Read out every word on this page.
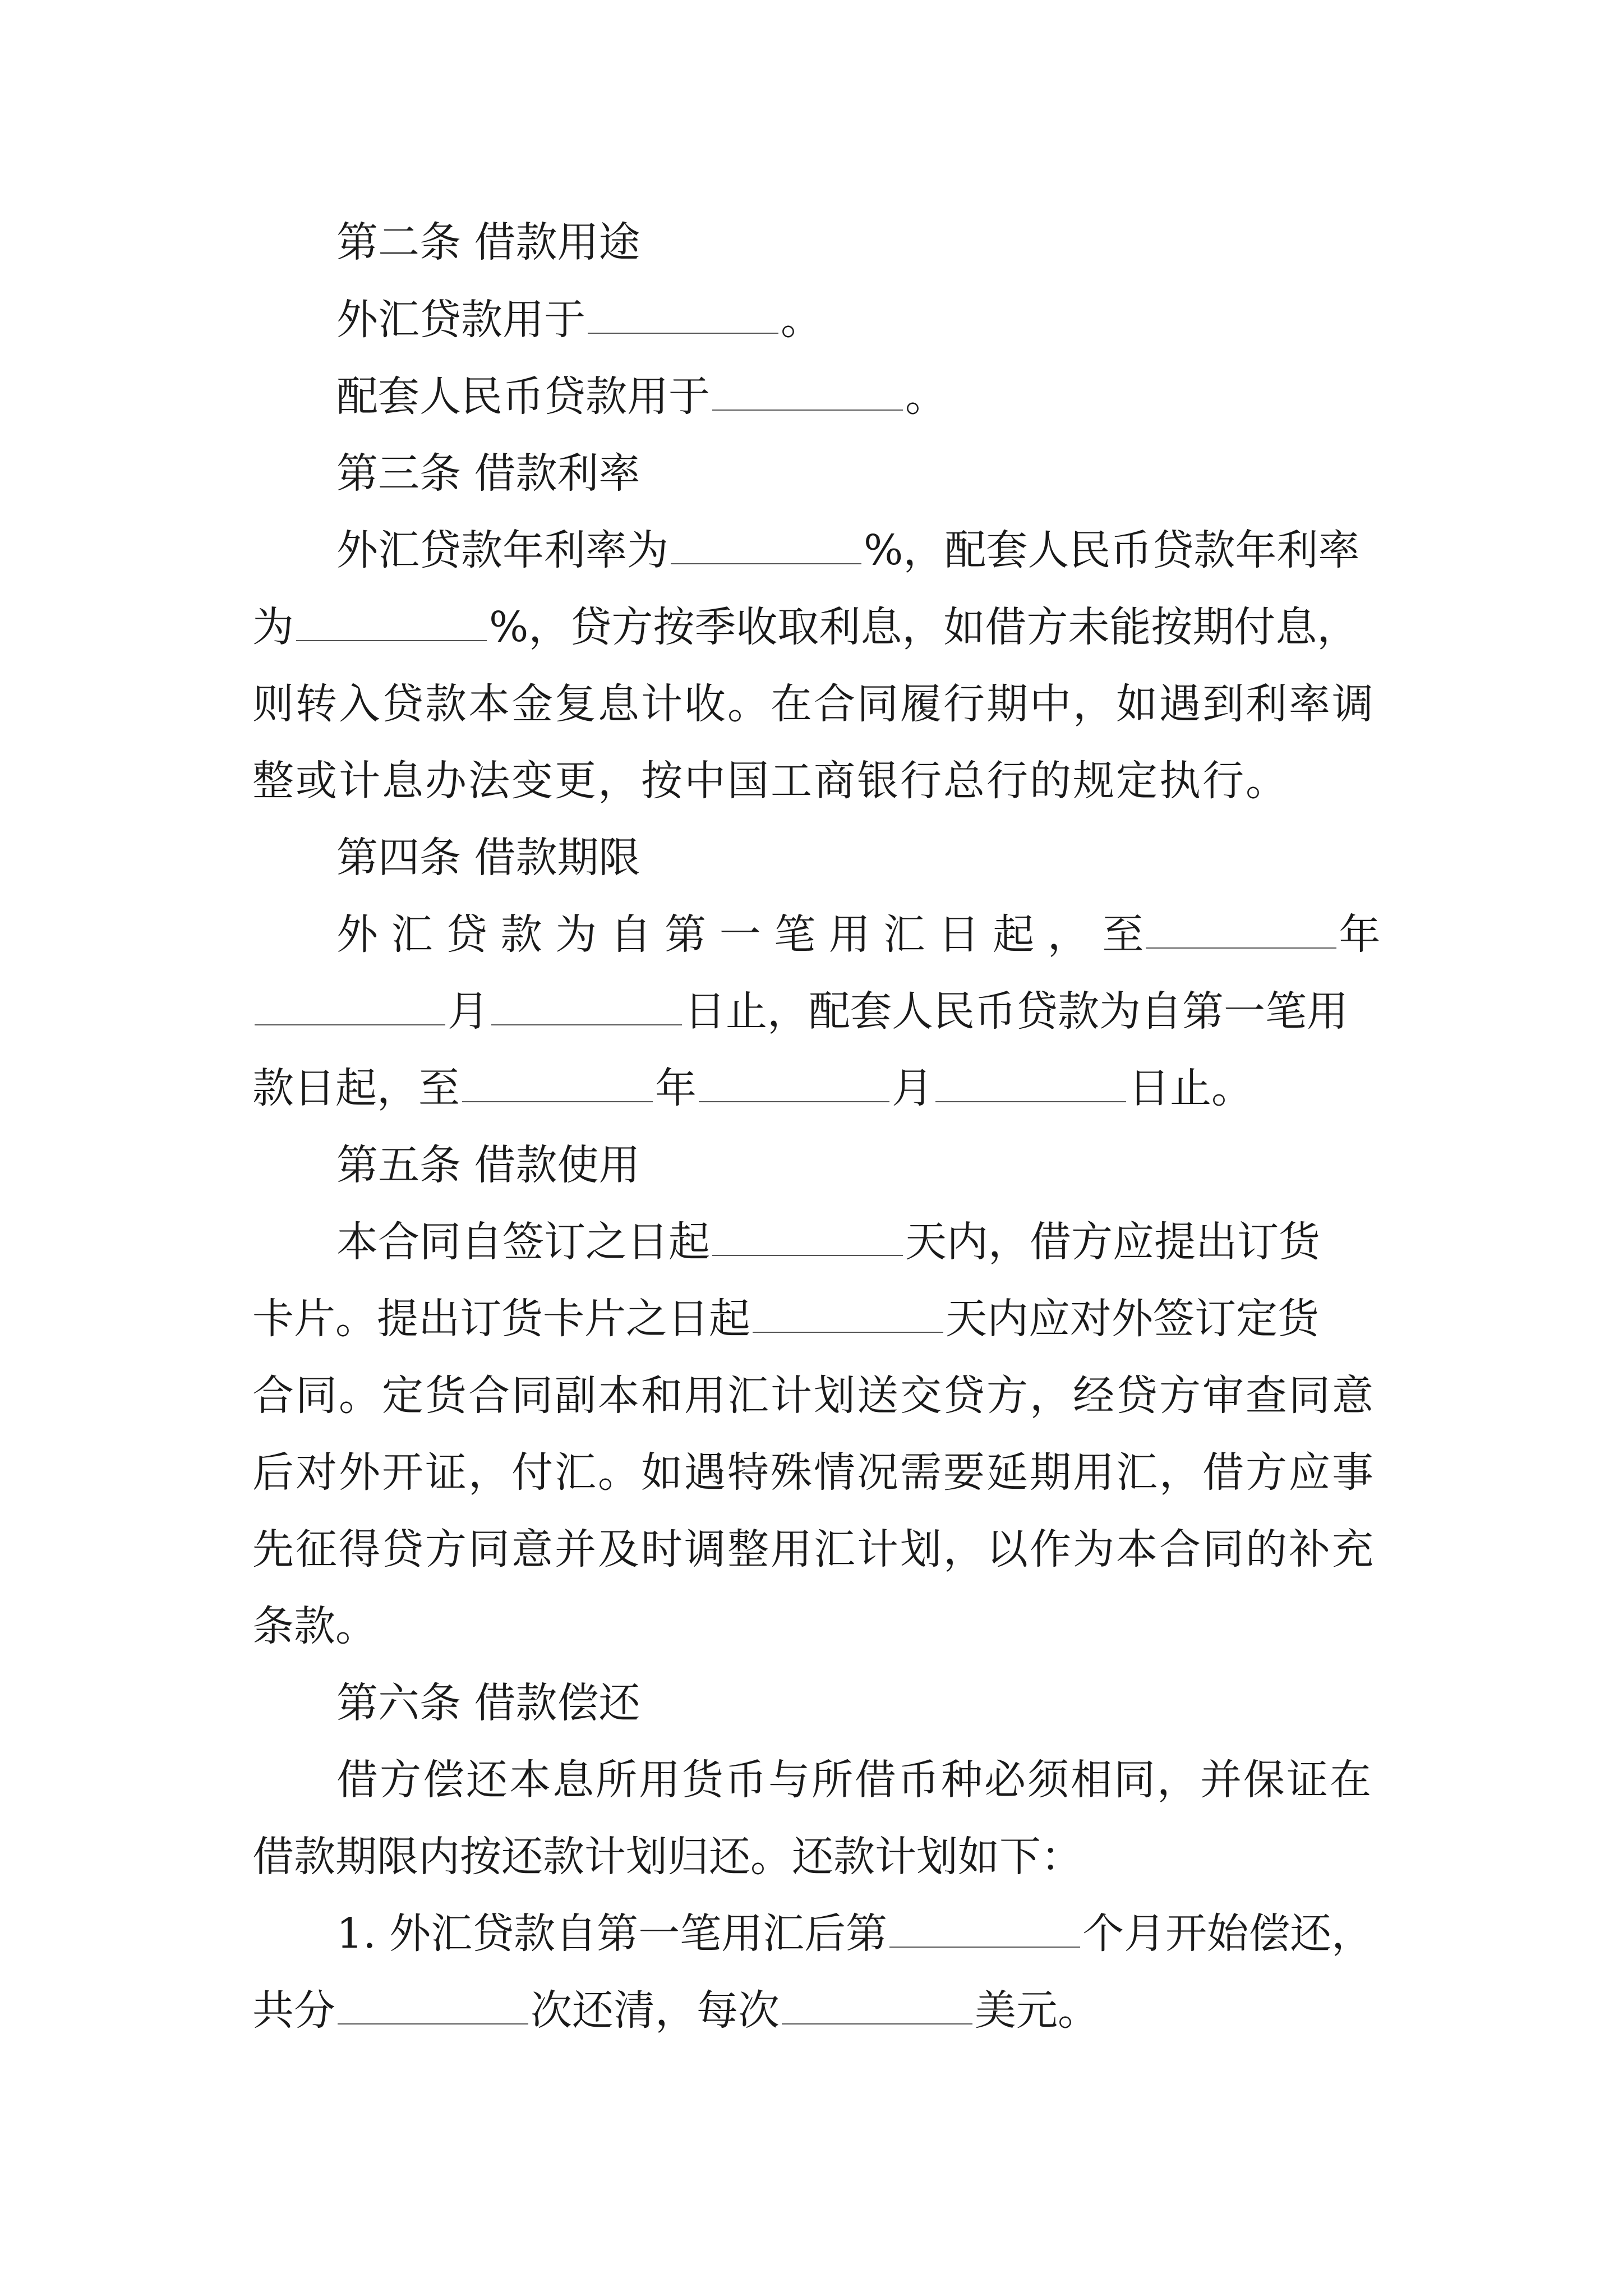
第二条 借款用途
外汇贷款用于	。
配套人民币贷款用于	。
第三条 借款利率
外汇贷款年利率为	%，配套人民币贷款年利率
为	%，贷方按季收取利息，如借方未能按期付息，
则转入贷款本金复息计收。在合同履行期中，如遇到利率调
整或计息办法变更，按中国工商银行总行的规定执行。
第四条 借款期限
外 汇 贷 款 为 自 第 一 笔 用 汇 日 起 ， 至	年
月	日止，配套人民币贷款为自第一笔用
款日起，至	年	月	日止。
第五条 借款使用
本合同自签订之日起	天内，借方应提出订货
卡片。提出订货卡片之日起	天内应对外签订定货
合同。定货合同副本和用汇计划送交贷方，经贷方审查同意
后对外开证，付汇。如遇特殊情况需要延期用汇，借方应事
先征得贷方同意并及时调整用汇计划，以作为本合同的补充
条款。
第六条 借款偿还
借方偿还本息所用货币与所借币种必须相同，并保证在
借款期限内按还款计划归还。还款计划如下：
1. 外汇贷款自第一笔用汇后第	个月开始偿还，
共分	次还清，每次	美元。
